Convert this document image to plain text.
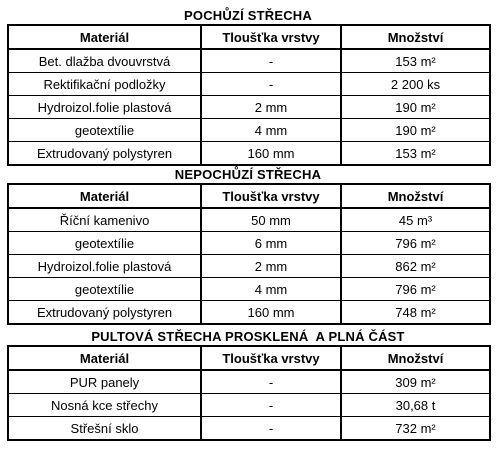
POCHŮZÍ STŘECHA
Materiál	Tloušťka vrstvy	Množství
Bet. dlažba dvouvrstvá	-	153 m²
Rektifikační podložky	-	2 200 ks
Hydroizol.folie plastová	2 mm	190 m²
geotextílie	4 mm	190 m²
Extrudovaný polystyren	160 mm	153 m²
NEPOCHŮZÍ STŘECHA
Materiál	Tloušťka vrstvy	Množství
Říční kamenivo	50 mm	45 m³
geotextílie	6 mm	796 m²
Hydroizol.folie plastová	2 mm	862 m²
geotextílie	4 mm	796 m²
Extrudovaný polystyren	160 mm	748 m²
PULTOVÁ STŘECHA PROSKLENÁ  A PLNÁ ČÁST
Materiál	Tloušťka vrstvy	Množství
PUR panely	-	309 m²
Nosná kce střechy	-	30,68 t
Střešní sklo	-	732 m²
